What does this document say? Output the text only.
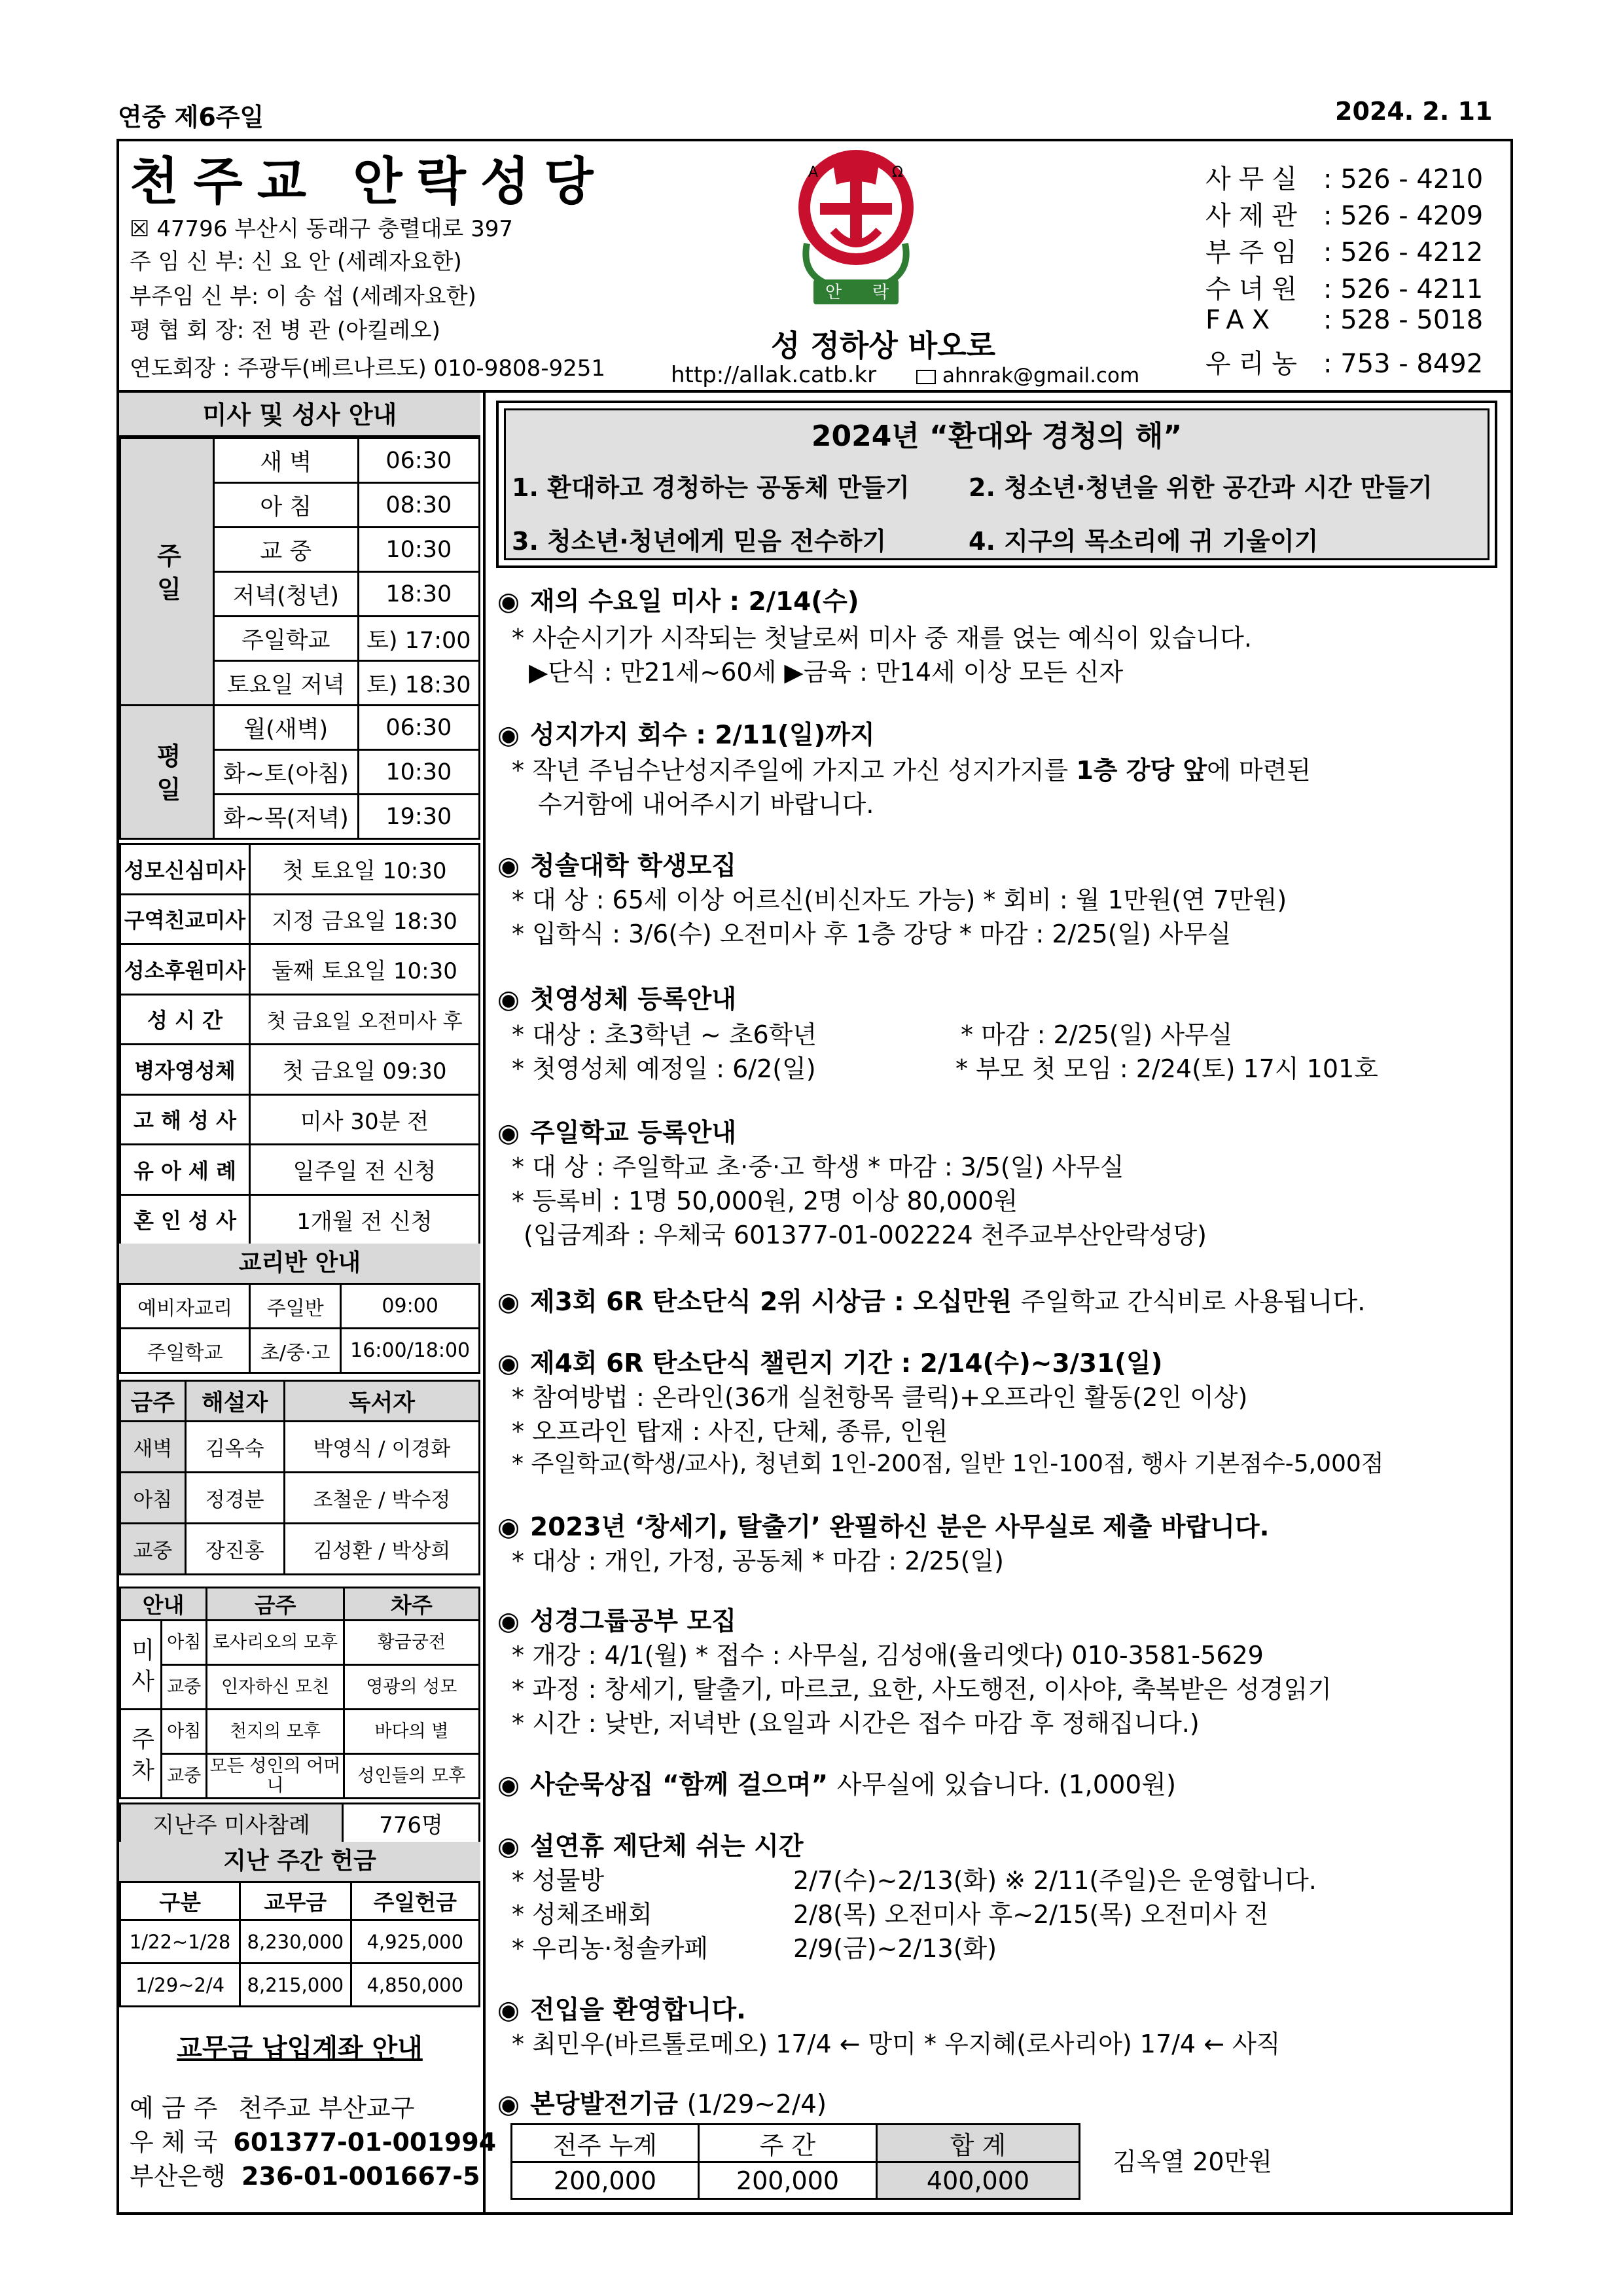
연중 제6주일	2024. 2. 11
천주교 안락성당
☒ 47796 부산시 동래구 충렬대로 397
주 임 신 부: 신 요 안 (세례자요한)
부주임 신 부: 이 송 섭 (세례자요한)
평 협 회 장: 전 병 관 (아킬레오)
연도회장 : 주광두(베르나르도) 010-9808-9251
A	Ω
안 락
성 정하상 바오로
http://allak.catb.kr	ahnrak@gmail.com
사무실 : 526 - 4210
사제관 : 526 - 4209
부주임 : 526 - 4212
수녀원 : 526 - 4211
FAX : 528 - 5018
우리농 : 753 - 8492
미사 및 성사 안내
주 일	새 벽	06:30
	아 침	08:30
	교 중	10:30
	저녁(청년)	18:30
	주일학교	토) 17:00
	토요일 저녁	토) 18:30
평 일	월(새벽)	06:30
	화~토(아침)	10:30
	화~목(저녁)	19:30
성모신심미사	첫 토요일 10:30
구역친교미사	지정 금요일 18:30
성소후원미사	둘째 토요일 10:30
성 시 간	첫 금요일 오전미사 후
병자영성체	첫 금요일 09:30
고 해 성 사	미사 30분 전
유 아 세 례	일주일 전 신청
혼 인 성 사	1개월 전 신청
교리반 안내
예비자교리	주일반	09:00
주일학교	초/중·고	16:00/18:00
금주	해설자	독서자
새벽	김옥숙	박영식 / 이경화
아침	정경분	조철운 / 박수정
교중	장진홍	김성환 / 박상희
안내		금주	차주
미 사	아침	로사리오의 모후	황금궁전
	교중	인자하신 모친	영광의 성모
주 차	아침	천지의 모후	바다의 별
	교중	모든 성인의 어머니	성인들의 모후
지난주 미사참례	776명
지난 주간 헌금
구분	교무금	주일헌금
1/22~1/28	8,230,000	4,925,000
1/29~2/4	8,215,000	4,850,000
교무금 납입계좌 안내
예 금 주 천주교 부산교구
우 체 국 601377-01-001994
부산은행 236-01-001667-5
2024년 “환대와 경청의 해”
1. 환대하고 경청하는 공동체 만들기 2. 청소년·청년을 위한 공간과 시간 만들기
3. 청소년·청년에게 믿음 전수하기	4. 지구의 목소리에 귀 기울이기
◉ 재의 수요일 미사 : 2/14(수)
* 사순시기가 시작되는 첫날로써 미사 중 재를 얹는 예식이 있습니다.
▶단식 : 만21세~60세 ▶금육 : 만14세 이상 모든 신자
◉ 성지가지 회수 : 2/11(일)까지
* 작년 주님수난성지주일에 가지고 가신 성지가지를 1층 강당 앞에 마련된
수거함에 내어주시기 바랍니다.
◉ 청솔대학 학생모집
* 대 상 : 65세 이상 어르신(비신자도 가능) * 회비 : 월 1만원(연 7만원)
* 입학식 : 3/6(수) 오전미사 후 1층 강당 * 마감 : 2/25(일) 사무실
◉ 첫영성체 등록안내
* 대상 : 초3학년 ~ 초6학년	* 마감 : 2/25(일) 사무실
* 첫영성체 예정일 : 6/2(일)	* 부모 첫 모임 : 2/24(토) 17시 101호
◉ 주일학교 등록안내
* 대 상 : 주일학교 초·중·고 학생 * 마감 : 3/5(일) 사무실
* 등록비 : 1명 50,000원, 2명 이상 80,000원
(입금계좌 : 우체국 601377-01-002224 천주교부산안락성당)
◉ 제3회 6R 탄소단식 2위 시상금 : 오십만원 주일학교 간식비로 사용됩니다.
◉ 제4회 6R 탄소단식 챌린지 기간 : 2/14(수)~3/31(일)
* 참여방법 : 온라인(36개 실천항목 클릭)+오프라인 활동(2인 이상)
* 오프라인 탑재 : 사진, 단체, 종류, 인원
* 주일학교(학생/교사), 청년회 1인-200점, 일반 1인-100점, 행사 기본점수-5,000점
◉ 2023년 ‘창세기, 탈출기’ 완필하신 분은 사무실로 제출 바랍니다.
* 대상 : 개인, 가정, 공동체 * 마감 : 2/25(일)
◉ 성경그룹공부 모집
* 개강 : 4/1(월) * 접수 : 사무실, 김성애(율리엣다) 010-3581-5629
* 과정 : 창세기, 탈출기, 마르코, 요한, 사도행전, 이사야, 축복받은 성경읽기
* 시간 : 낮반, 저녁반 (요일과 시간은 접수 마감 후 정해집니다.)
◉ 사순묵상집 “함께 걸으며” 사무실에 있습니다. (1,000원)
◉ 설연휴 제단체 쉬는 시간
* 성물방	2/7(수)~2/13(화) ※ 2/11(주일)은 운영합니다.
* 성체조배회	2/8(목) 오전미사 후~2/15(목) 오전미사 전
* 우리농·청솔카페	2/9(금)~2/13(화)
◉ 전입을 환영합니다.
* 최민우(바르톨로메오) 17/4 ← 망미 * 우지혜(로사리아) 17/4 ← 사직
◉ 본당발전기금 (1/29~2/4)
전주 누계	주 간	합 계
200,000	200,000	400,000
김옥열 20만원
